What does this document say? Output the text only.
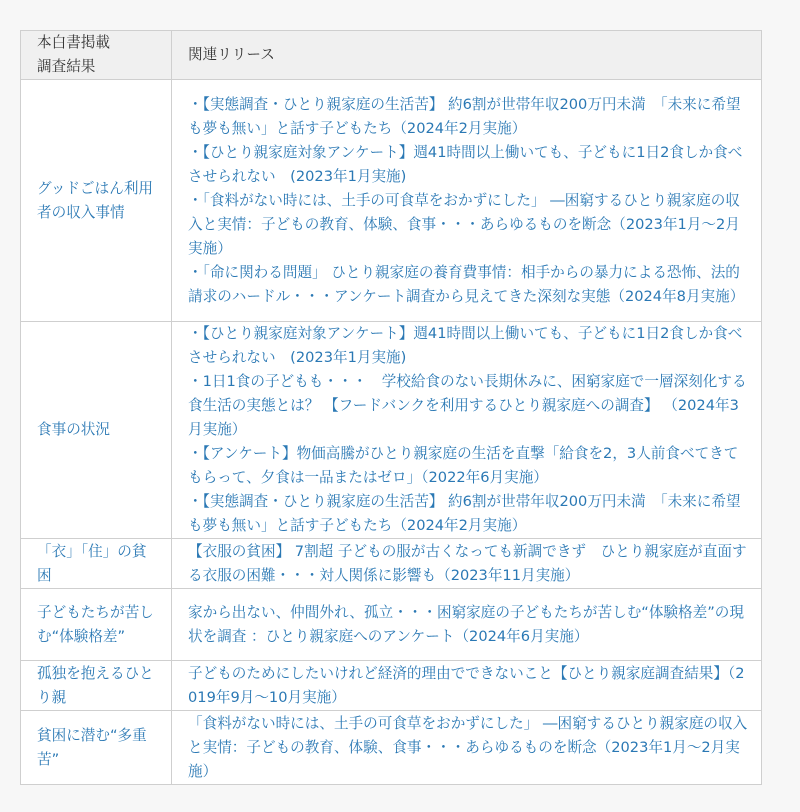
本白書掲載
調査結果	関連リリース
グッドごはん利用者の収入事情	・【実態調査・ひとり親家庭の生活苦】 約6割が世帯年収200万円未満　「未来に希望も夢も無い」と話す子どもたち（2024年2月実施）
・【ひとり親家庭対象アンケート】週41時間以上働いても、子どもに1日2食しか食べさせられない　(2023年1月実施)
・「食料がない時には、土手の可食草をおかずにした」 ―困窮するひとり親家庭の収入と実情：子どもの教育、体験、食事・・・あらゆるものを断念（2023年1月～2月実施）
・「命に関わる問題」 ひとり親家庭の養育費事情：相手からの暴力による恐怖、法的請求のハードル・・・アンケート調査から見えてきた深刻な実態（2024年8月実施）

食事の状況	・【ひとり親家庭対象アンケート】週41時間以上働いても、子どもに1日2食しか食べさせられない　(2023年1月実施)
・1日1食の子どもも・・・　学校給食のない長期休みに、困窮家庭で一層深刻化する食生活の実態とは？ 【フードバンクを利用するひとり親家庭への調査】 （2024年3月実施）
・【アンケート】物価高騰がひとり親家庭の生活を直撃「給食を2，3人前食べてきてもらって、夕食は一品またはゼロ」（2022年6月実施）
・【実態調査・ひとり親家庭の生活苦】 約6割が世帯年収200万円未満　「未来に希望も夢も無い」と話す子どもたち（2024年2月実施）

「衣」「住」の貧困	【衣服の貧困】 7割超 子どもの服が古くなっても新調できず　ひとり親家庭が直面する衣服の困難・・・対人関係に影響も（2023年11月実施）

子どもたちが苦しむ“体験格差”	家から出ない、仲間外れ、孤立・・・困窮家庭の子どもたちが苦しむ“体験格差”の現状を調査 ：ひとり親家庭へのアンケート（2024年6月実施）

孤独を抱えるひとり親	子どものためにしたいけれど経済的理由でできないこと【ひとり親家庭調査結果】（2019年9月～10月実施）

貧困に潜む“多重苦”	「食料がない時には、土手の可食草をおかずにした」 ―困窮するひとり親家庭の収入と実情：子どもの教育、体験、食事・・・あらゆるものを断念（2023年1月～2月実施）
